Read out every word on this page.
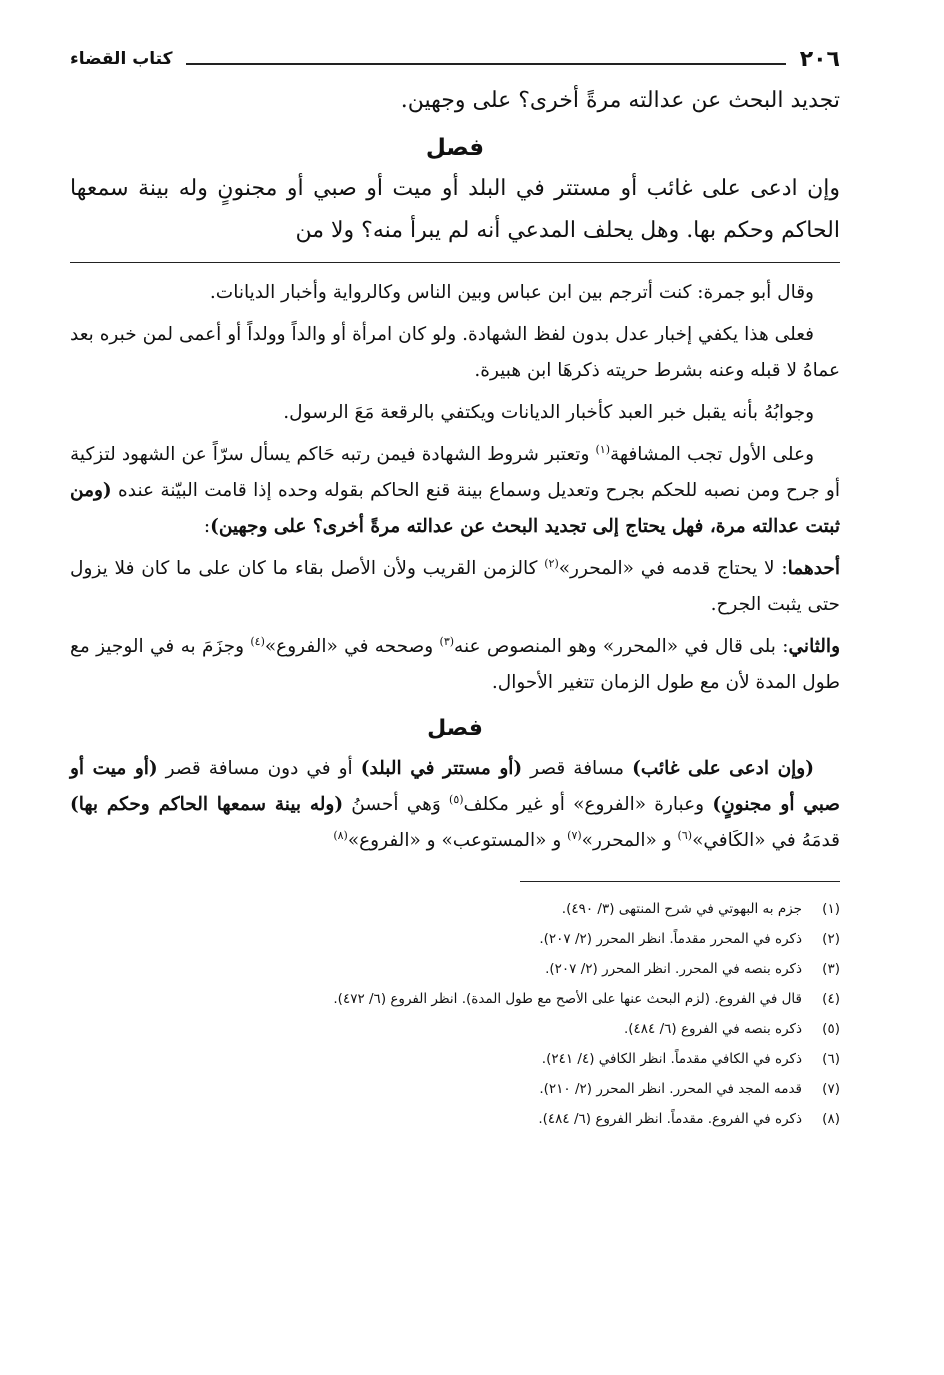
٢٠٦
كتاب القضاء

تجديد البحث عن عدالته مرةً أخرى؟ على وجهين.

فصل

وإن ادعى على غائب أو مستتر في البلد أو ميت أو صبي أو مجنونٍ وله بينة سمعها الحاكم وحكم بها. وهل يحلف المدعي أنه لم يبرأ منه؟ ولا من

وقال أبو جمرة: كنت أترجم بين ابن عباس وبين الناس وكالرواية وأخبار الديانات.

فعلى هذا يكفي إخبار عدل بدون لفظ الشهادة. ولو كان امرأة أو والداً وولداً أو أعمى لمن خبره بعد عماهُ لا قبله وعنه بشرط حريته ذكرهَا ابن هبيرة.

وجوابُهُ بأنه يقبل خبر العبد كأخبار الديانات ويكتفي بالرقعة مَعَ الرسول.

وعلى الأول تجب المشافهة$^{(١)}$ وتعتبر شروط الشهادة فيمن رتبه حَاكم يسأل سرّاً عن الشهود لتزكية أو جرح ومن نصبه للحكم بجرح وتعديل وسماع بينة قنع الحاكم بقوله وحده إذا قامت البيّنة عنده (ومن ثبتت عدالته مرة، فهل يحتاج إلى تجديد البحث عن عدالته مرةً أخرى؟ على وجهين):

أحدهما: لا يحتاج قدمه في «المحرر»$^{(٢)}$ كالزمن القريب ولأن الأصل بقاء ما كان على ما كان فلا يزول حتى يثبت الجرح.

والثاني: بلى قال في «المحرر» وهو المنصوص عنه$^{(٣)}$ وصححه في «الفروع»$^{(٤)}$ وجزَمَ به في الوجيز مع طول المدة لأن مع طول الزمان تتغير الأحوال.

فصل

(وإن ادعى على غائب) مسافة قصر (أو مستتر في البلد) أو في دون مسافة قصر (أو ميت أو صبي أو مجنونٍ) وعبارة «الفروع» أو غير مكلف$^{(٥)}$ وَهي أحسنُ (وله بينة سمعها الحاكم وحكم بها) قدمَهُ في «الكَافي»$^{(٦)}$ و «المحرر»$^{(٧)}$ و «المستوعب» و «الفروع»$^{(٨)}$

(١)
جزم به البهوتي في شرح المنتهى (٣/ ٤٩٠).
(٢)
ذكره في المحرر مقدماً. انظر المحرر (٢/ ٢٠٧).
(٣)
ذكره بنصه في المحرر. انظر المحرر (٢/ ٢٠٧).
(٤)
قال في الفروع. (لزم البحث عنها على الأصح مع طول المدة). انظر الفروع (٦/ ٤٧٢).
(٥)
ذكره بنصه في الفروع (٦/ ٤٨٤).
(٦)
ذكره في الكافي مقدماً. انظر الكافي (٤/ ٢٤١).
(٧)
قدمه المجد في المحرر. انظر المحرر (٢/ ٢١٠).
(٨)
ذكره في الفروع. مقدماً. انظر الفروع (٦/ ٤٨٤).
